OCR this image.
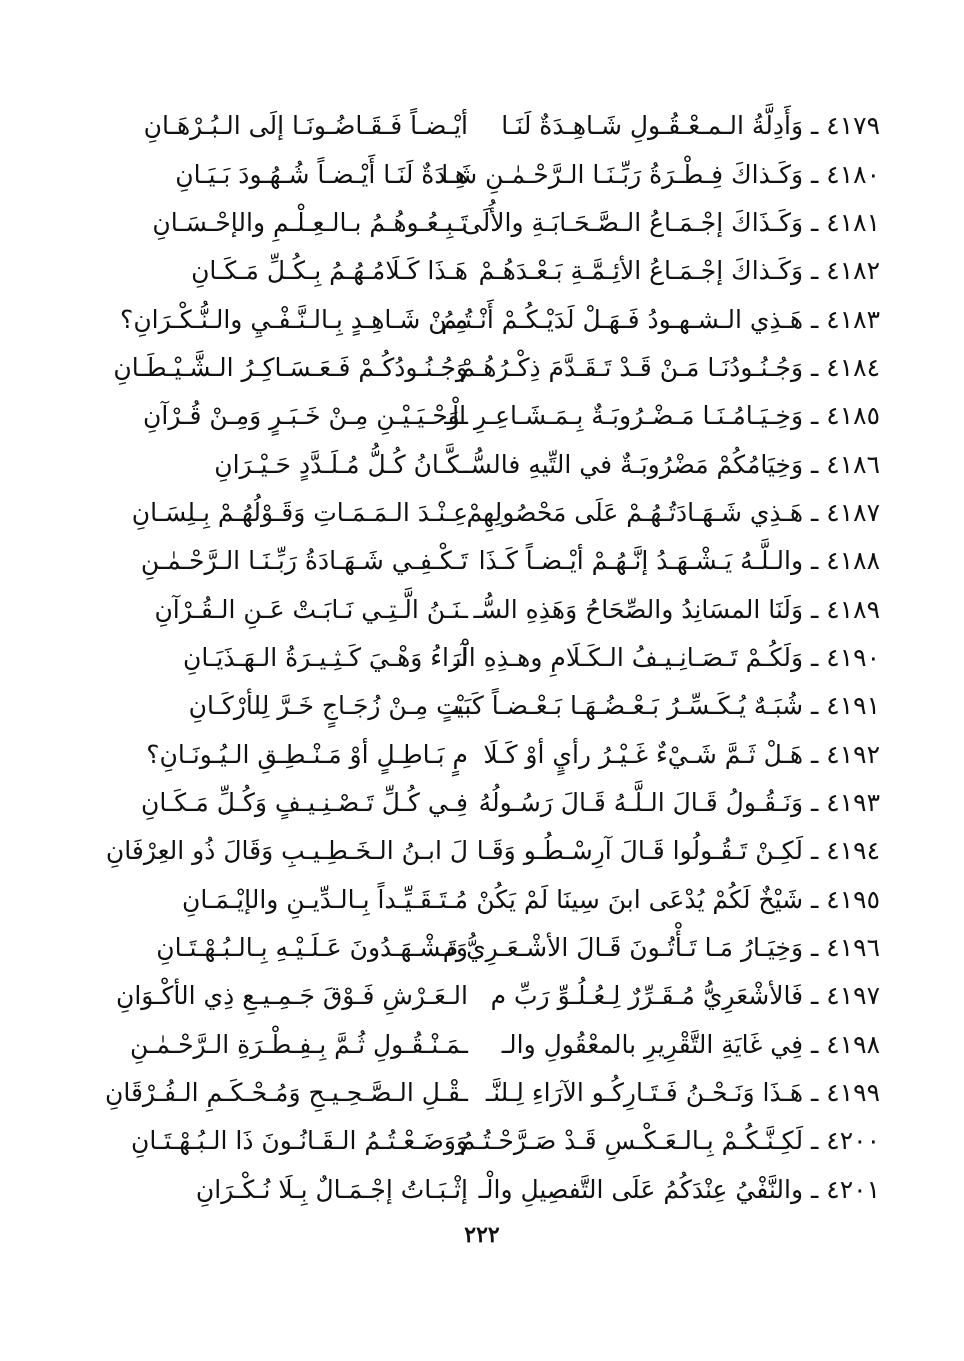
٤١٧٩ ـ وَأَدِلَّةُ الـمـعْـقُـولِ شَـاهِـدَةٌ لَنَـا
أيْـضـاً فَـقَـاضُـونَـا إلَى الـبُـرْهَـانِ
٤١٨٠ ـ وَكَـذاكَ فِـطْـرَةُ رَبِّـنَـا الـرَّحْـمٰـنِ شَـا
هِـدَةٌ لَنَـا أَيْـضـاً شُـهُـودَ بَـيَـانِ
٤١٨١ ـ وَكَـذَاكَ إجْـمَـاعُ الـصَّـحَـابَـةِ والأُلَى
تَـبِـعُـوهُـمُ بـالـعِـلْـمِ والإحْـسَـانِ
٤١٨٢ ـ وَكَـذاكَ إجْـمَـاعُ الأئِـمَّـةِ بَـعْـدَهُـمْ
هَـذَا كَـلَامُـهُـمُ بِـكُـلِّ مَـكَـانِ
٤١٨٣ ـ هَـذِي الـشـهـودُ فَـهَـلْ لَدَيْـكُـمْ أَنْـتُـمُ
مِـنْ شَـاهِـدٍ بِـالـنَّـفْـيِ والـنُّـكْـرَانِ؟
٤١٨٤ ـ وَجُـنُـودُنَـا مَـنْ قَـدْ تَـقَـدَّمَ ذِكْـرُهُـمْ
وَجُـنُـودُكُـمْ فَـعَـسَـاكِـرُ الـشَّـيْـطَـانِ
٤١٨٥ ـ وَخِـيَـامُـنَـا مَـضْـرُوبَـةٌ بِـمَـشَـاعِـرِ الْـ
ـوَحْـيَـيْـنِ مِـنْ خَـبَـرٍ وَمِـنْ قُـرْآنِ
٤١٨٦ ـ وَخِيَامُكُمْ مَضْرُوبَـةٌ في التِّيهِ فالسُّـ
ـكَّـانُ كُـلُّ مُـلَـدَّدٍ حَـيْـرَانِ
٤١٨٧ ـ هَـذِي شَـهَـادَتُـهُـمْ عَلَى مَحْصُولِهِمْ
عِـنْـدَ الـمَـمَـاتِ وَقَـوْلُهُـمْ بِـلِسَـانِ
٤١٨٨ ـ والـلَّـهُ يَـشْـهَـدُ إنَّـهُـمْ أيْـضـاً كَـذَا
تَـكْـفِـي شَـهَـادَةُ رَبِّـنَـا الـرَّحْـمٰـنِ
٤١٨٩ ـ وَلَنَا المسَانِدُ والصِّحَاحُ وَهَذِهِ السُّـ
ـنَـنُ الَّـتِـي نَـابَـتْ عَـنِ الـقُـرْآنِ
٤١٩٠ ـ وَلَكُـمْ تَـصَـانِـيـفُ الـكَـلَامِ وهـذِهِ الْـ
آرَاءُ وَهْـيَ كَـثِـيـرَةُ الـهَـذَيَـانِ
٤١٩١ ـ شُبَـهٌ يُـكَـسِّـرُ بَـعْـضُـهَـا بَـعْـضـاً كَبَيْـ
ـتٍ مِـنْ زُجَـاجٍ خَـرَّ لِلأرْكَـانِ
٤١٩٢ ـ هَـلْ ثَـمَّ شَـيْءٌ غَـيْـرُ رأيٍ أوْ كَـلَا
مٍ بَـاطِـلٍ أوْ مَـنْـطِـقِ الـيُـونَـانِ؟
٤١٩٣ ـ وَنَـقُـولُ قَـالَ الـلَّـهُ قَـالَ رَسُـولُهُ
فِـي كُـلِّ تَـصْـنِـيـفٍ وَكُـلِّ مَـكَـانِ
٤١٩٤ ـ لَكِـنْ تَـقُـولُوا قَـالَ آرِسْـطُـو وَقَـا
لَ ابـنُ الـخَـطِـيـبِ وَقَالَ ذُو العِرْفَانِ
٤١٩٥ ـ شَيْخٌ لَكُمْ يُدْعَى ابنَ سِينَا لَمْ يَكُنْ
مُـتَـقَـيِّـداً بِـالـدِّيـنِ والإيْـمَـانِ
٤١٩٦ ـ وَخِيَـارُ مَـا تَـأْتُـونَ قَـالَ الأشْـعَـرِيُّ م
وَتَـشْـهَـدُونَ عَـلَـيْـهِ بِـالـبُـهْـتَـانِ
٤١٩٧ ـ فَالأشْعَرِيُّ مُـقَـرِّرٌ لِـعُـلُـوِّ رَبِّ م
الـعَـرْشِ فَـوْقَ جَـمِـيـعِ ذِي الأكْـوَانِ
٤١٩٨ ـ فِي غَايَةِ التَّقْرِيرِ بالمعْقُولِ والـ
ـمَـنْـقُـولِ ثُـمَّ بِـفِـطْـرَةِ الـرَّحْـمٰـنِ
٤١٩٩ ـ هَـذَا وَنَـحْـنُ فَـتَـارِكُـو الآرَاءِ لِـلنَّـ
ـقْـلِ الـصَّـحِـيـحِ وَمُـحْـكَـمِ الـفُـرْقَانِ
٤٢٠٠ ـ لَكِـنَّـكُـمْ بِـالـعَـكْـسِ قَـدْ صَـرَّحْـتُـمُ
وَوَضَـعْـتُـمُ الـقَـانُـونَ ذَا الـبُـهْـتَـانِ
٤٢٠١ ـ والنَّفْيُ عِنْدَكُمُ عَلَى التَّفصِيلِ والْـ
إثْـبَـاتُ إجْـمَـالٌ بِـلَا نُـكْـرَانِ
٢٢٢
